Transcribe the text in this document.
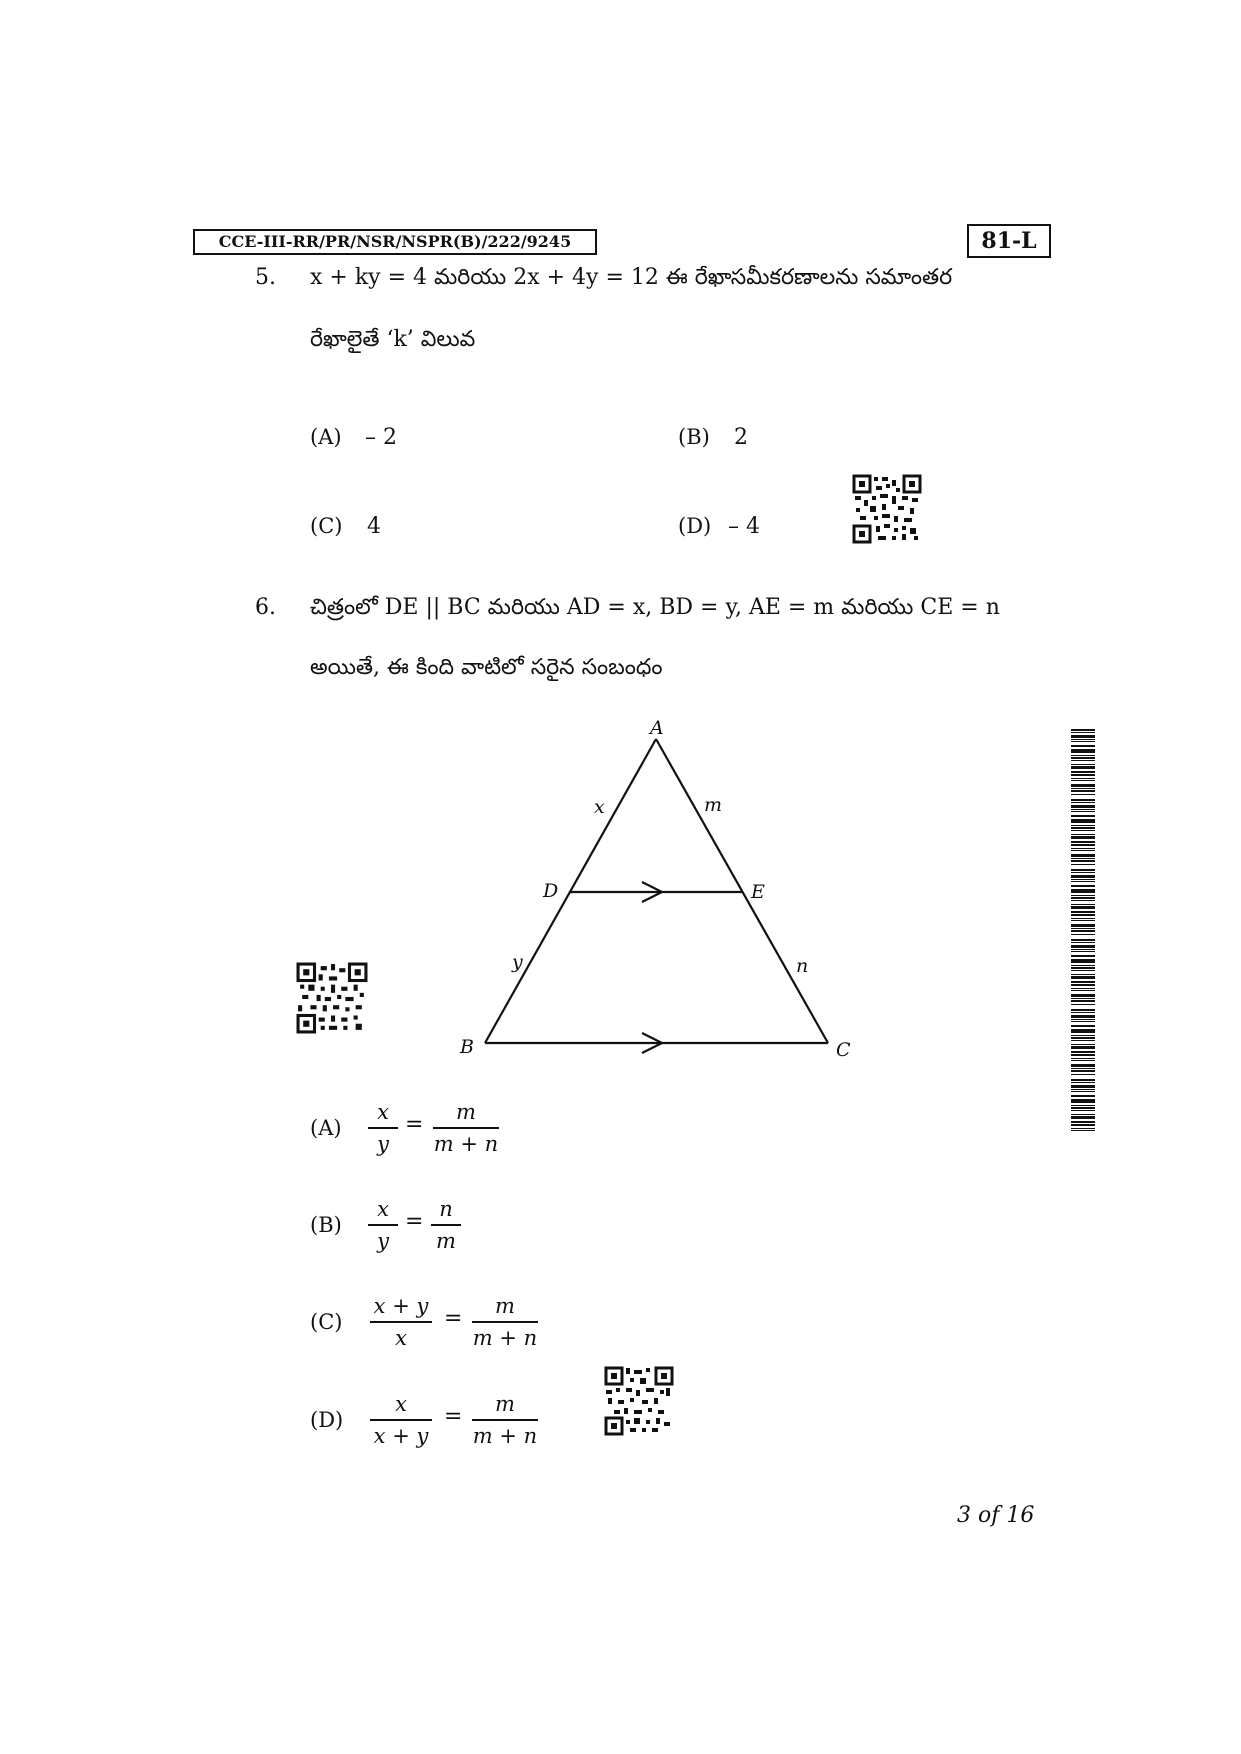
CCE-III-RR/PR/NSR/NSPR(B)/222/9245	81-L
5. x + ky = 4 మరియు 2x + 4y = 12 ఈ రేఖాసమీకరణాలను సమాంతర
రేఖాలైతే ‘k’ విలువ
(A) – 2	(B) 2
(C) 4	(D) – 4
6. చిత్రంలో DE || BC మరియు AD = x, BD = y, AE = m మరియు CE = n
అయితే, ఈ కింది వాటిలో సరైన సంబంధం
A
B	C
D	E
x	m
y	n
(A)
x
y
=	m
m + n
(B)
x
y
= n
m
(C)
x + y
x
=	m
m + n
(D)
x
x + y
=	m
m + n
3 of 16
